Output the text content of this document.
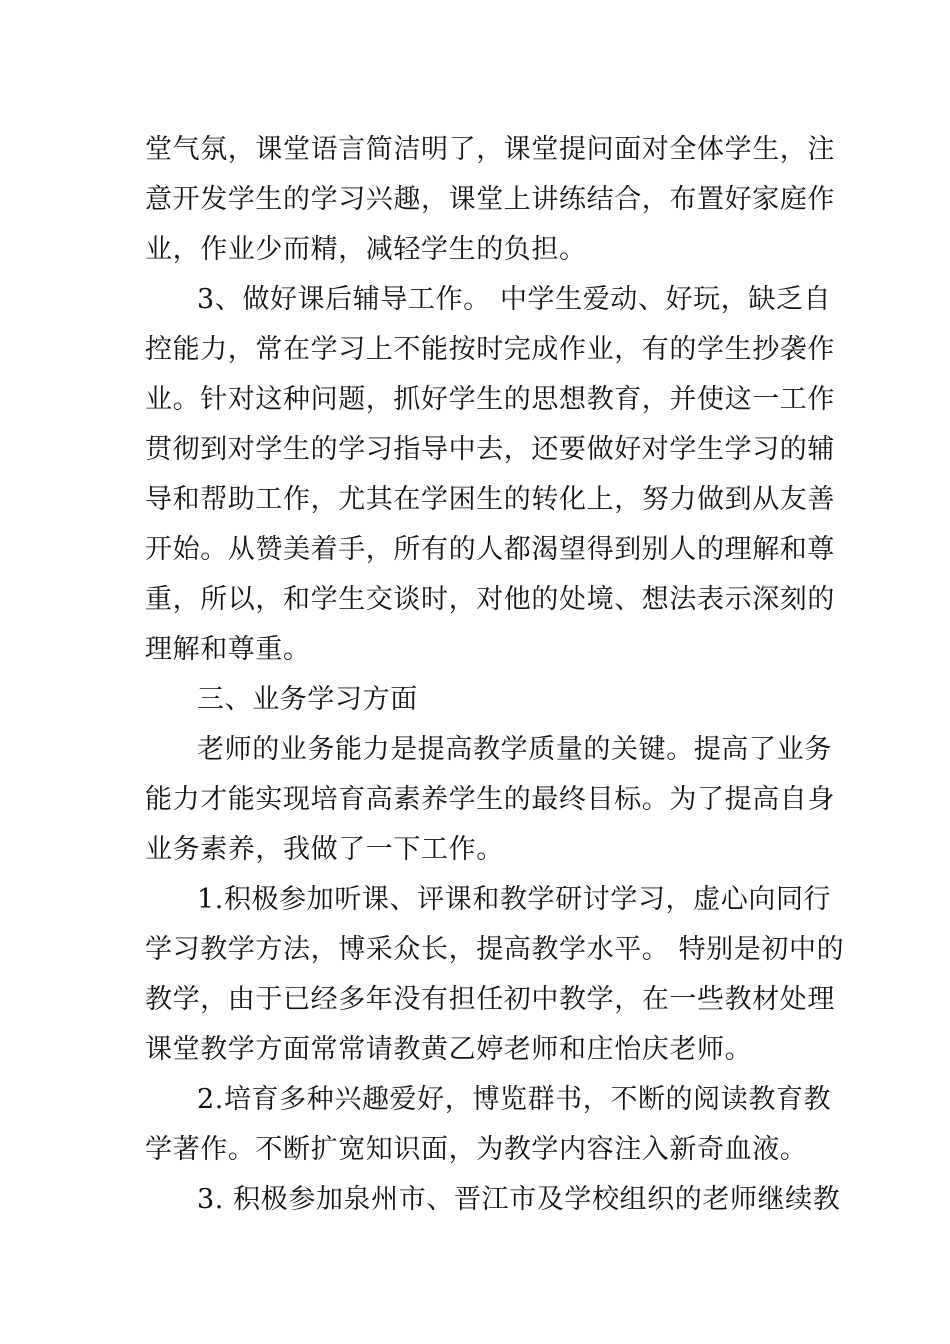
堂气氛，课堂语言简洁明了，课堂提问面对全体学生，注
意开发学生的学习兴趣，课堂上讲练结合，布置好家庭作
业，作业少而精，减轻学生的负担。
3、做好课后辅导工作。 中学生爱动、好玩，缺乏自
控能力，常在学习上不能按时完成作业，有的学生抄袭作
业。针对这种问题，抓好学生的思想教育，并使这一工作
贯彻到对学生的学习指导中去，还要做好对学生学习的辅
导和帮助工作，尤其在学困生的转化上，努力做到从友善
开始。从赞美着手，所有的人都渴望得到别人的理解和尊
重，所以，和学生交谈时，对他的处境、想法表示深刻的
理解和尊重。
三、业务学习方面
老师的业务能力是提高教学质量的关键。提高了业务
能力才能实现培育高素养学生的最终目标。为了提高自身
业务素养，我做了一下工作。
1.积极参加听课、评课和教学研讨学习，虚心向同行
学习教学方法，博采众长，提高教学水平。 特别是初中的
教学，由于已经多年没有担任初中教学，在一些教材处理
课堂教学方面常常请教黄乙婷老师和庄怡庆老师。
2.培育多种兴趣爱好，博览群书，不断的阅读教育教
学著作。不断扩宽知识面，为教学内容注入新奇血液。
3. 积极参加泉州市、晋江市及学校组织的老师继续教
